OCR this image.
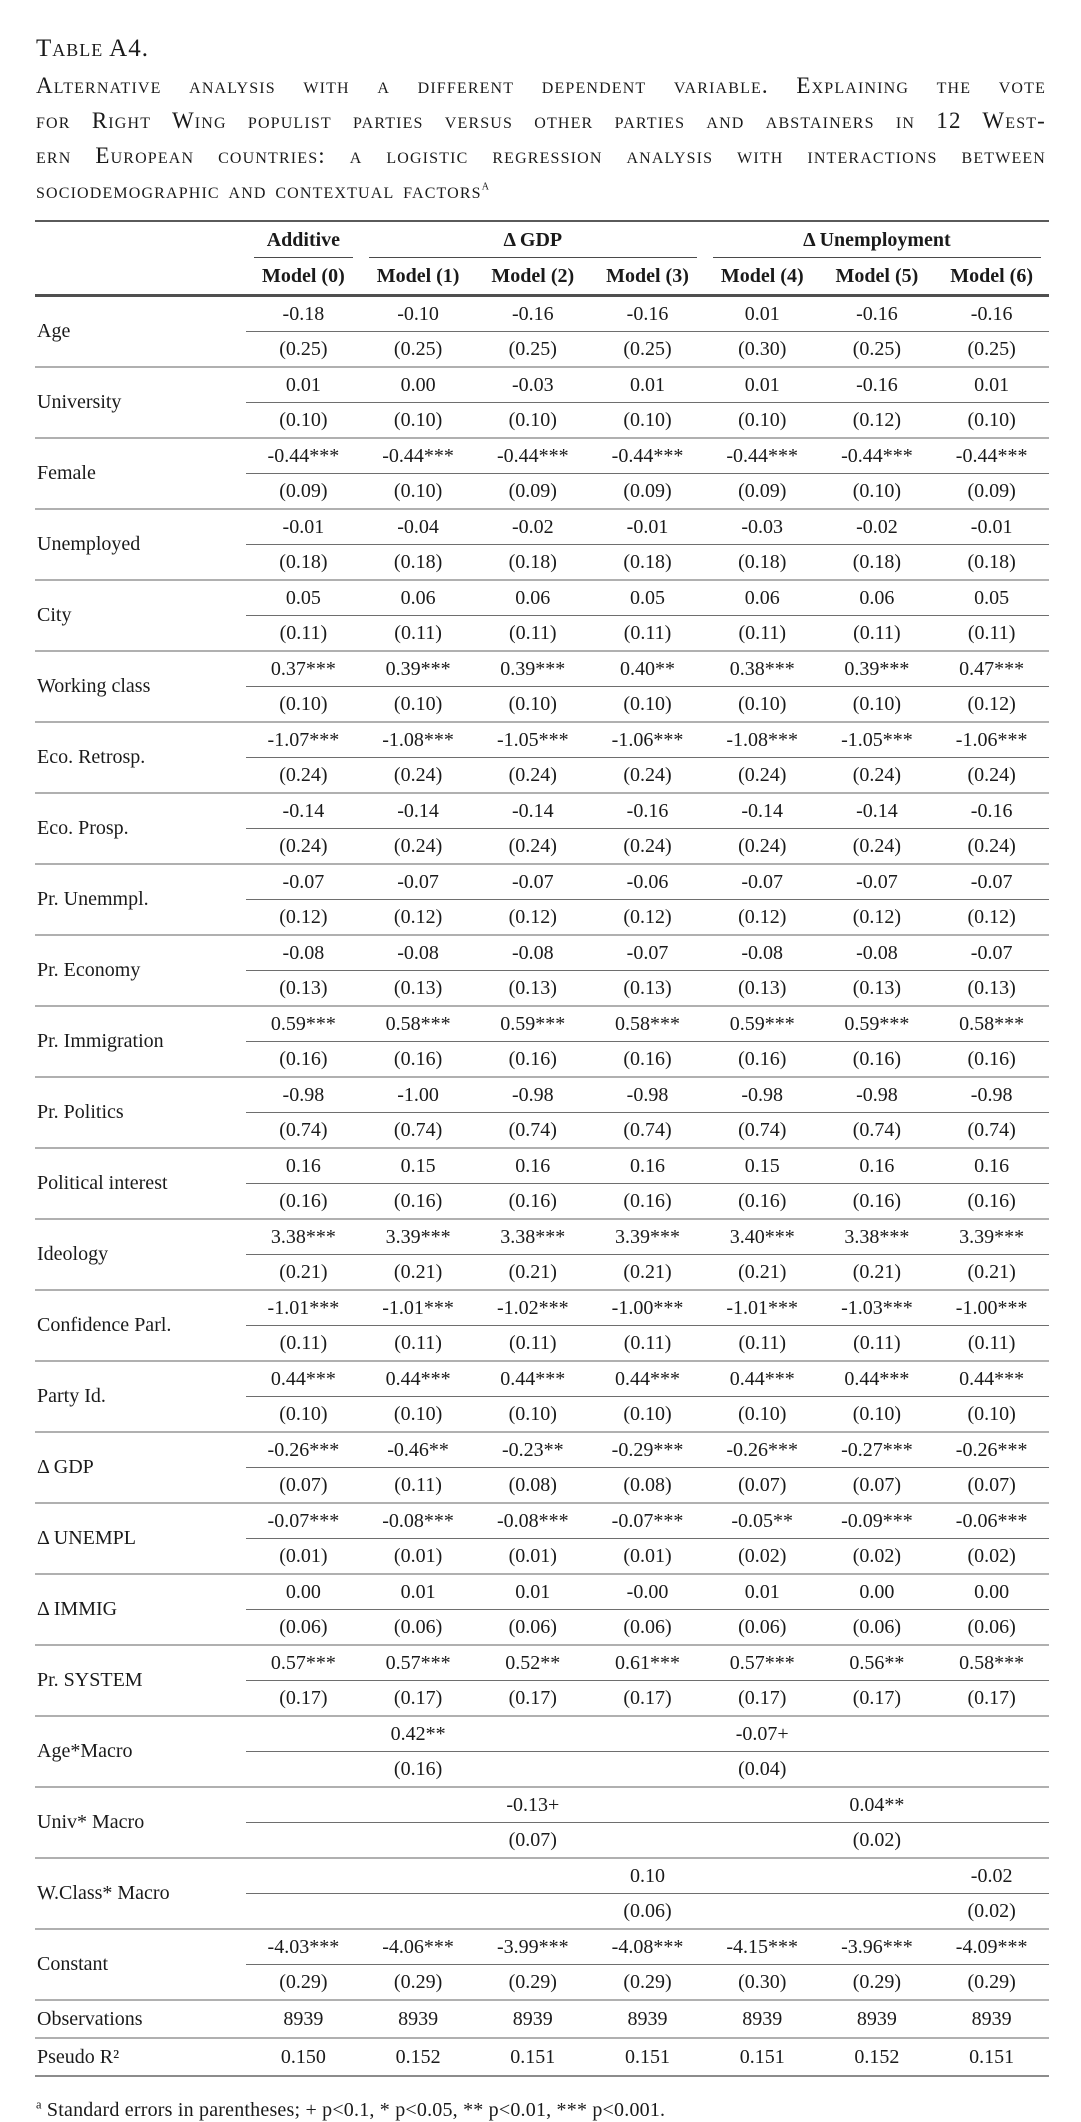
Table A4.
Alternative analysis with a different dependent variable. Explaining the vote
for Right Wing populist parties versus other parties and abstainers in 12 West-
ern European countries: a logistic regression analysis with interactions between
sociodemographic and contextual factors$^a$

	Additive	Δ GDP			Δ Unemployment		

	Model (0)	Model (1)	Model (2)	Model (3)	Model (4)	Model (5)	Model (6)
Age	-0.18	-0.10	-0.16	-0.16	0.01	-0.16	-0.16
	(0.25)	(0.25)	(0.25)	(0.25)	(0.30)	(0.25)	(0.25)
University	0.01	0.00	-0.03	0.01	0.01	-0.16	0.01
	(0.10)	(0.10)	(0.10)	(0.10)	(0.10)	(0.12)	(0.10)
Female	-0.44***	-0.44***	-0.44***	-0.44***	-0.44***	-0.44***	-0.44***
	(0.09)	(0.10)	(0.09)	(0.09)	(0.09)	(0.10)	(0.09)
Unemployed	-0.01	-0.04	-0.02	-0.01	-0.03	-0.02	-0.01
	(0.18)	(0.18)	(0.18)	(0.18)	(0.18)	(0.18)	(0.18)
City	0.05	0.06	0.06	0.05	0.06	0.06	0.05
	(0.11)	(0.11)	(0.11)	(0.11)	(0.11)	(0.11)	(0.11)
Working class	0.37***	0.39***	0.39***	0.40**	0.38***	0.39***	0.47***
	(0.10)	(0.10)	(0.10)	(0.10)	(0.10)	(0.10)	(0.12)
Eco. Retrosp.	-1.07***	-1.08***	-1.05***	-1.06***	-1.08***	-1.05***	-1.06***
	(0.24)	(0.24)	(0.24)	(0.24)	(0.24)	(0.24)	(0.24)
Eco. Prosp.	-0.14	-0.14	-0.14	-0.16	-0.14	-0.14	-0.16
	(0.24)	(0.24)	(0.24)	(0.24)	(0.24)	(0.24)	(0.24)
Pr. Unemmpl.	-0.07	-0.07	-0.07	-0.06	-0.07	-0.07	-0.07
	(0.12)	(0.12)	(0.12)	(0.12)	(0.12)	(0.12)	(0.12)
Pr. Economy	-0.08	-0.08	-0.08	-0.07	-0.08	-0.08	-0.07
	(0.13)	(0.13)	(0.13)	(0.13)	(0.13)	(0.13)	(0.13)
Pr. Immigration	0.59***	0.58***	0.59***	0.58***	0.59***	0.59***	0.58***
	(0.16)	(0.16)	(0.16)	(0.16)	(0.16)	(0.16)	(0.16)
Pr. Politics	-0.98	-1.00	-0.98	-0.98	-0.98	-0.98	-0.98
	(0.74)	(0.74)	(0.74)	(0.74)	(0.74)	(0.74)	(0.74)
Political interest	0.16	0.15	0.16	0.16	0.15	0.16	0.16
	(0.16)	(0.16)	(0.16)	(0.16)	(0.16)	(0.16)	(0.16)
Ideology	3.38***	3.39***	3.38***	3.39***	3.40***	3.38***	3.39***
	(0.21)	(0.21)	(0.21)	(0.21)	(0.21)	(0.21)	(0.21)
Confidence Parl.	-1.01***	-1.01***	-1.02***	-1.00***	-1.01***	-1.03***	-1.00***
	(0.11)	(0.11)	(0.11)	(0.11)	(0.11)	(0.11)	(0.11)
Party Id.	0.44***	0.44***	0.44***	0.44***	0.44***	0.44***	0.44***
	(0.10)	(0.10)	(0.10)	(0.10)	(0.10)	(0.10)	(0.10)
Δ GDP	-0.26***	-0.46**	-0.23**	-0.29***	-0.26***	-0.27***	-0.26***
	(0.07)	(0.11)	(0.08)	(0.08)	(0.07)	(0.07)	(0.07)
Δ UNEMPL	-0.07***	-0.08***	-0.08***	-0.07***	-0.05**	-0.09***	-0.06***
	(0.01)	(0.01)	(0.01)	(0.01)	(0.02)	(0.02)	(0.02)
Δ IMMIG	0.00	0.01	0.01	-0.00	0.01	0.00	0.00
	(0.06)	(0.06)	(0.06)	(0.06)	(0.06)	(0.06)	(0.06)
Pr. SYSTEM	0.57***	0.57***	0.52**	0.61***	0.57***	0.56**	0.58***
	(0.17)	(0.17)	(0.17)	(0.17)	(0.17)	(0.17)	(0.17)
Age*Macro		0.42**			-0.07+		
		(0.16)			(0.04)		
Univ* Macro			-0.13+			0.04**	
			(0.07)			(0.02)	
W.Class* Macro				0.10			-0.02
				(0.06)			(0.02)
Constant	-4.03***	-4.06***	-3.99***	-4.08***	-4.15***	-3.96***	-4.09***
	(0.29)	(0.29)	(0.29)	(0.29)	(0.30)	(0.29)	(0.29)
Observations	8939	8939	8939	8939	8939	8939	8939
Pseudo R²	0.150	0.152	0.151	0.151	0.151	0.152	0.151
$^a$ Standard errors in parentheses; + p<0.1, * p<0.05, ** p<0.01, *** p<0.001.
